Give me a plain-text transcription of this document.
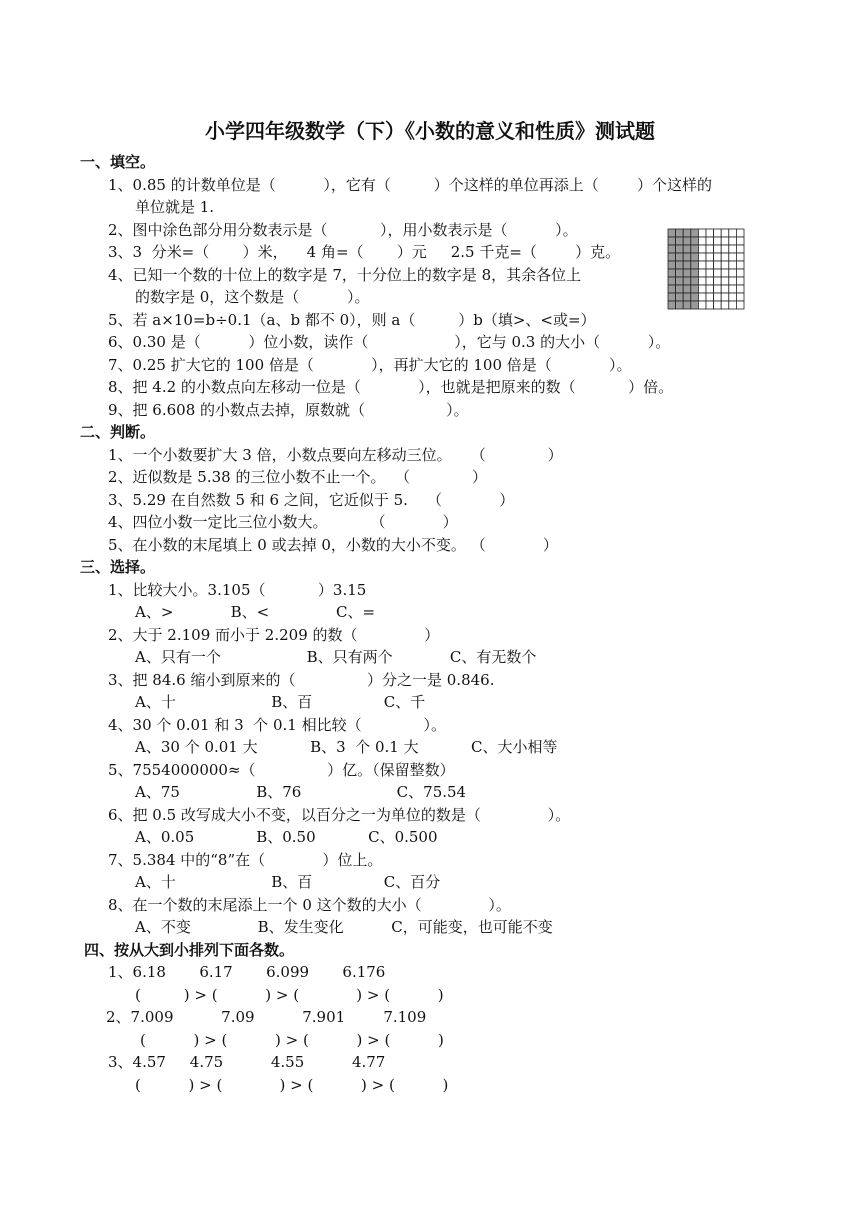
小学四年级数学（下）《小数的意义和性质》测试题
一、填空。
1、0.85 的计数单位是（          ），它有（         ）个这样的单位再添上（        ）个这样的
单位就是 1.
2、图中涂色部分用分数表示是（           ），用小数表示是（          ）。
3、3  分米=（       ）米，    4 角=（       ）元     2.5 千克=（        ）克。
4、已知一个数的十位上的数字是 7，十分位上的数字是 8，其余各位上
的数字是 0，这个数是（          ）。
5、若 a×10=b÷0.1（a、b 都不 0），则 a（         ）b（填>、<或=）
6、0.30 是（          ）位小数，读作（                  ），它与 0.3 的大小（          ）。
7、0.25 扩大它的 100 倍是（            ），再扩大它的 100 倍是（            ）。
8、把 4.2 的小数点向左移动一位是（            ），也就是把原来的数（           ）倍。
9、把 6.608 的小数点去掉，原数就（                 ）。
二、判断。
1、一个小数要扩大 3 倍，小数点要向左移动三位。    （             ）
2、近似数是 5.38 的三位小数不止一个。  （             ）
3、5.29 在自然数 5 和 6 之间，它近似于 5.    （            ）
4、四位小数一定比三位小数大。         （            ）
5、在小数的末尾填上 0 或去掉 0，小数的大小不变。 （            ）
三、选择。
1、比较大小。3.105（           ）3.15
A、>            B、<              C、=
2、大于 2.109 而小于 2.209 的数（              ）
A、只有一个                  B、只有两个            C、有无数个
3、把 84.6 缩小到原来的（               ）分之一是 0.846.
A、十                    B、百               C、千
4、30 个 0.01 和 3  个 0.1 相比较（             ）。
A、30 个 0.01 大           B、3  个 0.1 大           C、大小相等
5、7554000000≈（               ）亿。（保留整数）
A、75                B、76                    C、75.54
6、把 0.5 改写成大小不变，以百分之一为单位的数是（              ）。
A、0.05             B、0.50           C、0.500
7、5.384 中的“8”在（            ）位上。
A、十                    B、百               C、百分
8、在一个数的末尾添上一个 0 这个数的大小（              ）。
A、不变              B、发生变化          C，可能变，也可能不变
四、按从大到小排列下面各数。
1、6.18       6.17       6.099       6.176
(         ) > (          ) > (            ) > (          )
2、7.009          7.09          7.901        7.109
(          ) > (          ) > (          ) > (          )
3、4.57     4.75          4.55          4.77
(          ) > (            ) > (          ) > (          )
